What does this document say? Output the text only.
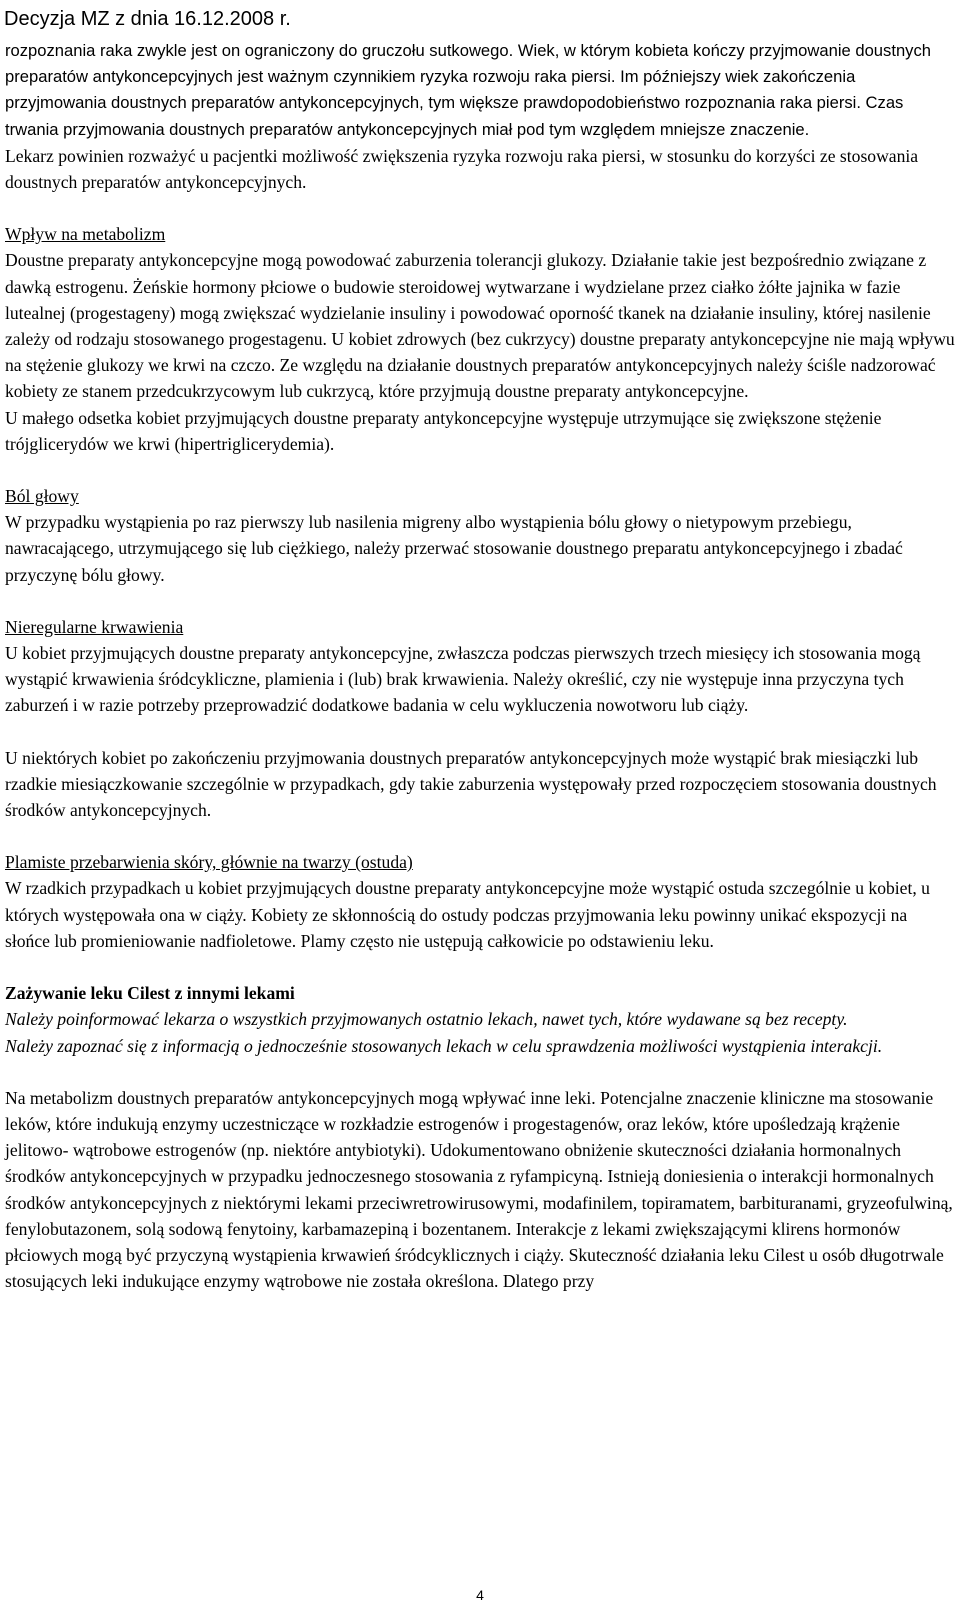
Decyzja MZ z dnia 16.12.2008 r.

rozpoznania raka zwykle jest on ograniczony do gruczołu sutkowego. Wiek, w którym kobieta kończy przyjmowanie doustnych preparatów antykoncepcyjnych jest ważnym czynnikiem ryzyka rozwoju raka piersi. Im późniejszy wiek zakończenia przyjmowania doustnych preparatów antykoncepcyjnych, tym większe prawdopodobieństwo rozpoznania raka piersi. Czas trwania przyjmowania doustnych preparatów antykoncepcyjnych miał pod tym względem mniejsze znaczenie.

Lekarz powinien rozważyć u pacjentki możliwość zwiększenia ryzyka rozwoju raka piersi, w stosunku do korzyści ze stosowania doustnych preparatów antykoncepcyjnych.

Wpływ na metabolizm

Doustne preparaty antykoncepcyjne mogą powodować zaburzenia tolerancji glukozy. Działanie takie jest bezpośrednio związane z dawką estrogenu. Żeńskie hormony płciowe o budowie steroidowej wytwarzane i wydzielane przez ciałko żółte jajnika w fazie lutealnej (progestageny) mogą zwiększać wydzielanie insuliny i powodować oporność tkanek na działanie insuliny, której nasilenie zależy od rodzaju stosowanego progestagenu. U kobiet zdrowych (bez cukrzycy) doustne preparaty antykoncepcyjne nie mają wpływu na stężenie glukozy we krwi na czczo. Ze względu na działanie doustnych preparatów antykoncepcyjnych należy ściśle nadzorować kobiety ze stanem przedcukrzycowym lub cukrzycą, które przyjmują doustne preparaty antykoncepcyjne.

U małego odsetka kobiet przyjmujących doustne preparaty antykoncepcyjne występuje utrzymujące się zwiększone stężenie trójglicerydów we krwi (hipertriglicerydemia).

Ból głowy

W przypadku wystąpienia po raz pierwszy lub nasilenia migreny albo wystąpienia bólu głowy o nietypowym przebiegu, nawracającego, utrzymującego się lub ciężkiego, należy przerwać stosowanie doustnego preparatu antykoncepcyjnego i zbadać przyczynę bólu głowy.

Nieregularne krwawienia

U kobiet przyjmujących doustne preparaty antykoncepcyjne, zwłaszcza podczas pierwszych trzech miesięcy ich stosowania mogą wystąpić krwawienia śródcykliczne, plamienia i (lub) brak krwawienia. Należy określić, czy nie występuje inna przyczyna tych zaburzeń i w razie potrzeby przeprowadzić dodatkowe badania w celu wykluczenia nowotworu lub ciąży.

U niektórych kobiet po zakończeniu przyjmowania doustnych preparatów antykoncepcyjnych może wystąpić brak miesiączki lub rzadkie miesiączkowanie szczególnie w przypadkach, gdy takie zaburzenia występowały przed rozpoczęciem stosowania doustnych środków antykoncepcyjnych.

Plamiste przebarwienia skóry, głównie na twarzy (ostuda)

W rzadkich przypadkach u kobiet przyjmujących doustne preparaty antykoncepcyjne może wystąpić ostuda szczególnie u kobiet, u których występowała ona w ciąży. Kobiety ze skłonnością do ostudy podczas przyjmowania leku powinny unikać ekspozycji na słońce lub promieniowanie nadfioletowe. Plamy często nie ustępują całkowicie po odstawieniu leku.

Zażywanie leku Cilest z innymi lekami

Należy poinformować lekarza o wszystkich przyjmowanych ostatnio lekach, nawet tych, które wydawane są bez recepty.

Należy zapoznać się z informacją o jednocześnie stosowanych lekach w celu sprawdzenia możliwości wystąpienia interakcji.

Na metabolizm doustnych preparatów antykoncepcyjnych mogą wpływać inne leki. Potencjalne znaczenie kliniczne ma stosowanie leków, które indukują enzymy uczestniczące w rozkładzie estrogenów i progestagenów, oraz leków, które upośledzają krążenie jelitowo- wątrobowe estrogenów (np. niektóre antybiotyki). Udokumentowano obniżenie skuteczności działania hormonalnych środków antykoncepcyjnych w przypadku jednoczesnego stosowania z ryfampicyną. Istnieją doniesienia o interakcji hormonalnych środków antykoncepcyjnych z niektórymi lekami przeciwretrowirusowymi, modafinilem, topiramatem, barbituranami, gryzeofulwiną, fenylobutazonem, solą sodową fenytoiny, karbamazepiną i bozentanem. Interakcje z lekami zwiększającymi klirens hormonów płciowych mogą być przyczyną wystąpienia krwawień śródcyklicznych i ciąży. Skuteczność działania leku Cilest u osób długotrwale stosujących leki indukujące enzymy wątrobowe nie została określona. Dlatego przy

4
